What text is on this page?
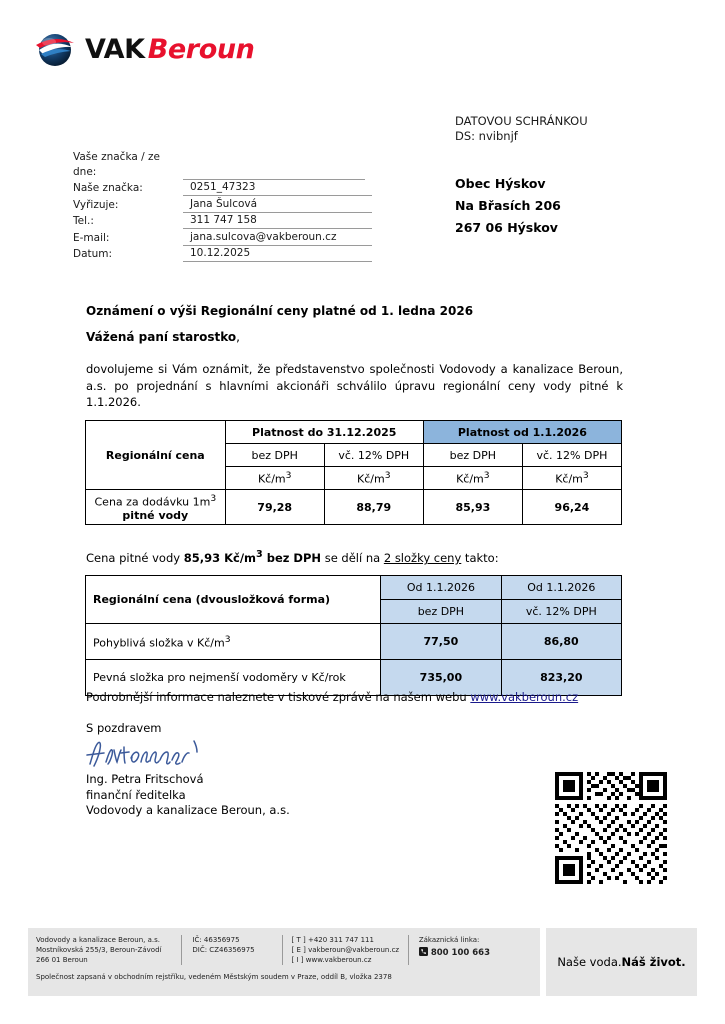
VAK Beroun
DATOVOU SCHRÁNKOU
DS: nvibnjf
Obec Hýskov
Na Břasích 206
267 06 Hýskov
Vaše značka / ze dne:
Naše značka:	0251_47323
Vyřizuje:	Jana Šulcová
Tel.:	311 747 158
E-mail:	jana.sulcova@vakberoun.cz
Datum:	10.12.2025
Oznámení o výši Regionální ceny platné od 1. ledna 2026
Vážená paní starostko,
dovolujeme si Vám oznámit, že představenstvo společnosti Vodovody a kanalizace Beroun, a.s. po projednání s hlavními akcionáři schválilo úpravu regionální ceny vody pitné k 1.1.2026.
Regionální cena	Platnost do 31.12.2025		Platnost od 1.1.2026	
	bez DPH	vč. 12% DPH	bez DPH	vč. 12% DPH
	$Kč/m^3$	$Kč/m^3$	$Kč/m^3$	$Kč/m^3$
Cena za dodávku $1m^3$
pitné vody	79,28	88,79	85,93	96,24
Cena pitné vody 85,93 $Kč/m^3$ bez DPH se dělí na 2 složky ceny takto:
Regionální cena (dvousložková forma)	Od 1.1.2026	Od 1.1.2026
	bez DPH	vč. 12% DPH
Pohyblivá složka v $Kč/m^3$	77,50	86,80
Pevná složka pro nejmenší vodoměry v Kč/rok	735,00	823,20
Podrobnější informace naleznete v tiskové zprávě na našem webu www.vakberoun.cz
S pozdravem
Ing. Petra Fritschová
finanční ředitelka
Vodovody a kanalizace Beroun, a.s.
Vodovody a kanalizace Beroun, a.s.
Mostníkovská 255/3, Beroun-Závodí
266 01 Beroun
IČ: 46356975
DIČ: CZ46356975
[ T ] +420 311 747 111
[ E ] vakberoun@vakberoun.cz
[ I ] www.vakberoun.cz
Zákaznická linka:
800 100 663
Společnost zapsaná v obchodním rejstříku, vedeném Městským soudem v Praze, oddíl B, vložka 2378
Naše voda. Náš život.
